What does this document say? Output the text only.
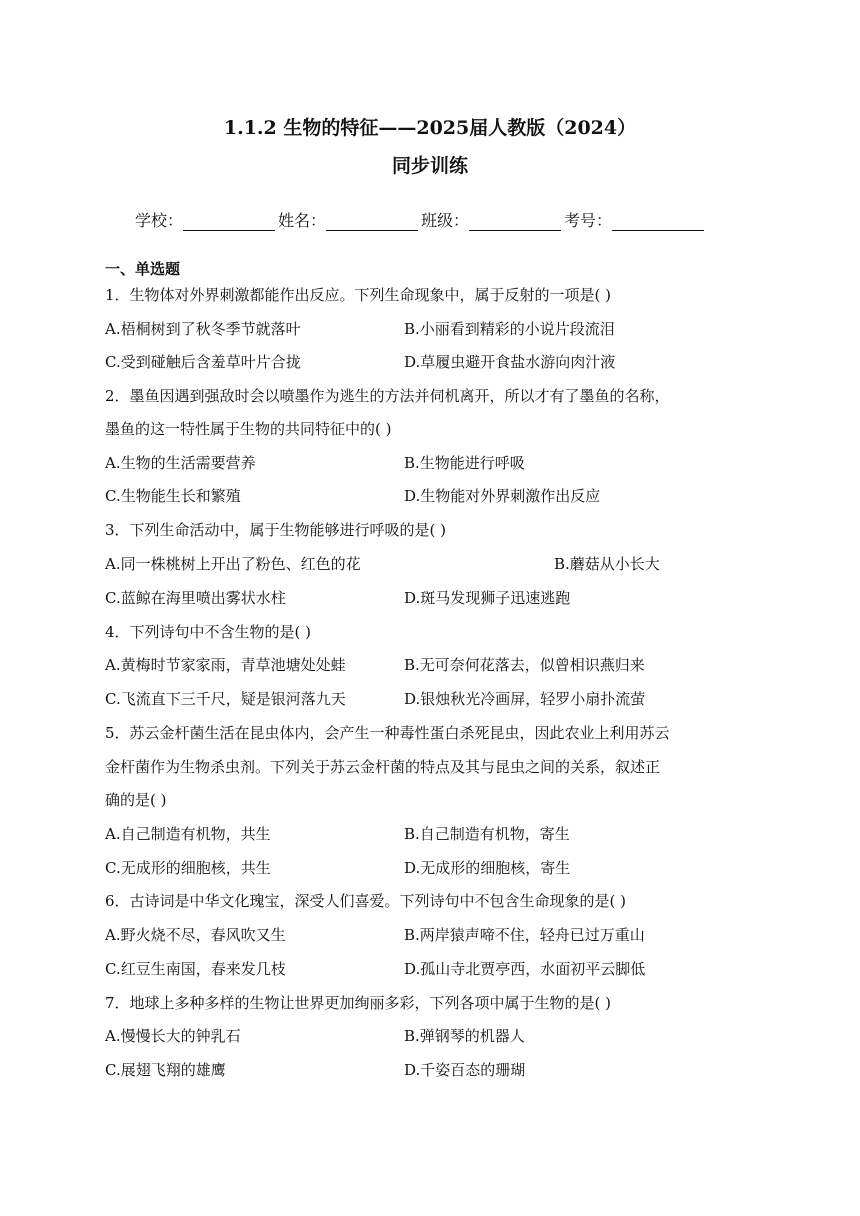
1.1.2 生物的特征——2025届人教版（2024）
同步训练
学校：	姓名：	班级：	考号：
一、单选题
1．生物体对外界刺激都能作出反应。下列生命现象中，属于反射的一项是( )
A.梧桐树到了秋冬季节就落叶	B.小丽看到精彩的小说片段流泪
C.受到碰触后含羞草叶片合拢	D.草履虫避开食盐水游向肉汁液
2．墨鱼因遇到强敌时会以喷墨作为逃生的方法并伺机离开，所以才有了墨鱼的名称，
墨鱼的这一特性属于生物的共同特征中的( )
A.生物的生活需要营养	B.生物能进行呼吸
C.生物能生长和繁殖	D.生物能对外界刺激作出反应
3．下列生命活动中，属于生物能够进行呼吸的是( )
A.同一株桃树上开出了粉色、红色的花	B.蘑菇从小长大
C.蓝鲸在海里喷出雾状水柱	D.斑马发现狮子迅速逃跑
4．下列诗句中不含生物的是( )
A.黄梅时节家家雨，青草池塘处处蛙	B.无可奈何花落去，似曾相识燕归来
C.飞流直下三千尺，疑是银河落九天	D.银烛秋光冷画屏，轻罗小扇扑流萤
5．苏云金杆菌生活在昆虫体内，会产生一种毒性蛋白杀死昆虫，因此农业上利用苏云
金杆菌作为生物杀虫剂。下列关于苏云金杆菌的特点及其与昆虫之间的关系，叙述正
确的是( )
A.自己制造有机物，共生	B.自己制造有机物，寄生
C.无成形的细胞核，共生	D.无成形的细胞核，寄生
6．古诗词是中华文化瑰宝，深受人们喜爱。下列诗句中不包含生命现象的是( )
A.野火烧不尽，春风吹又生	B.两岸猿声啼不住，轻舟已过万重山
C.红豆生南国，春来发几枝	D.孤山寺北贾亭西，水面初平云脚低
7．地球上多种多样的生物让世界更加绚丽多彩，下列各项中属于生物的是( )
A.慢慢长大的钟乳石	B.弹钢琴的机器人
C.展翅飞翔的雄鹰	D.千姿百态的珊瑚
